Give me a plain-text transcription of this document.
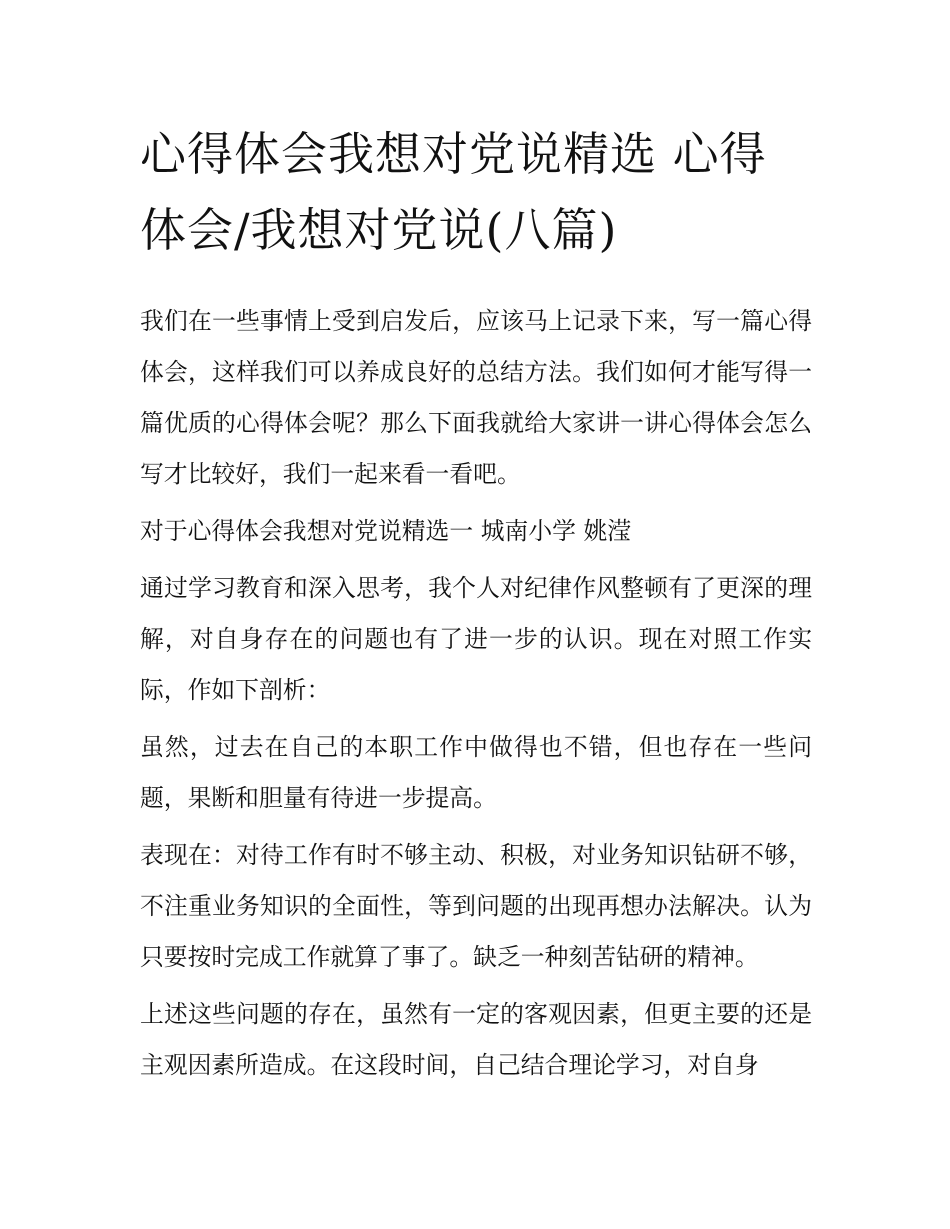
心得体会我想对党说精选 心得体会/我想对党说(八篇)

我们在一些事情上受到启发后，应该马上记录下来，写一篇心得体会，这样我们可以养成良好的总结方法。我们如何才能写得一篇优质的心得体会呢？那么下面我就给大家讲一讲心得体会怎么写才比较好，我们一起来看一看吧。

对于心得体会我想对党说精选一 城南小学 姚滢

通过学习教育和深入思考，我个人对纪律作风整顿有了更深的理解，对自身存在的问题也有了进一步的认识。现在对照工作实际，作如下剖析：

虽然，过去在自己的本职工作中做得也不错，但也存在一些问题，果断和胆量有待进一步提高。

表现在：对待工作有时不够主动、积极，对业务知识钻研不够，不注重业务知识的全面性，等到问题的出现再想办法解决。认为只要按时完成工作就算了事了。缺乏一种刻苦钻研的精神。

上述这些问题的存在，虽然有一定的客观因素，但更主要的还是主观因素所造成。在这段时间，自己结合理论学习，对自身
